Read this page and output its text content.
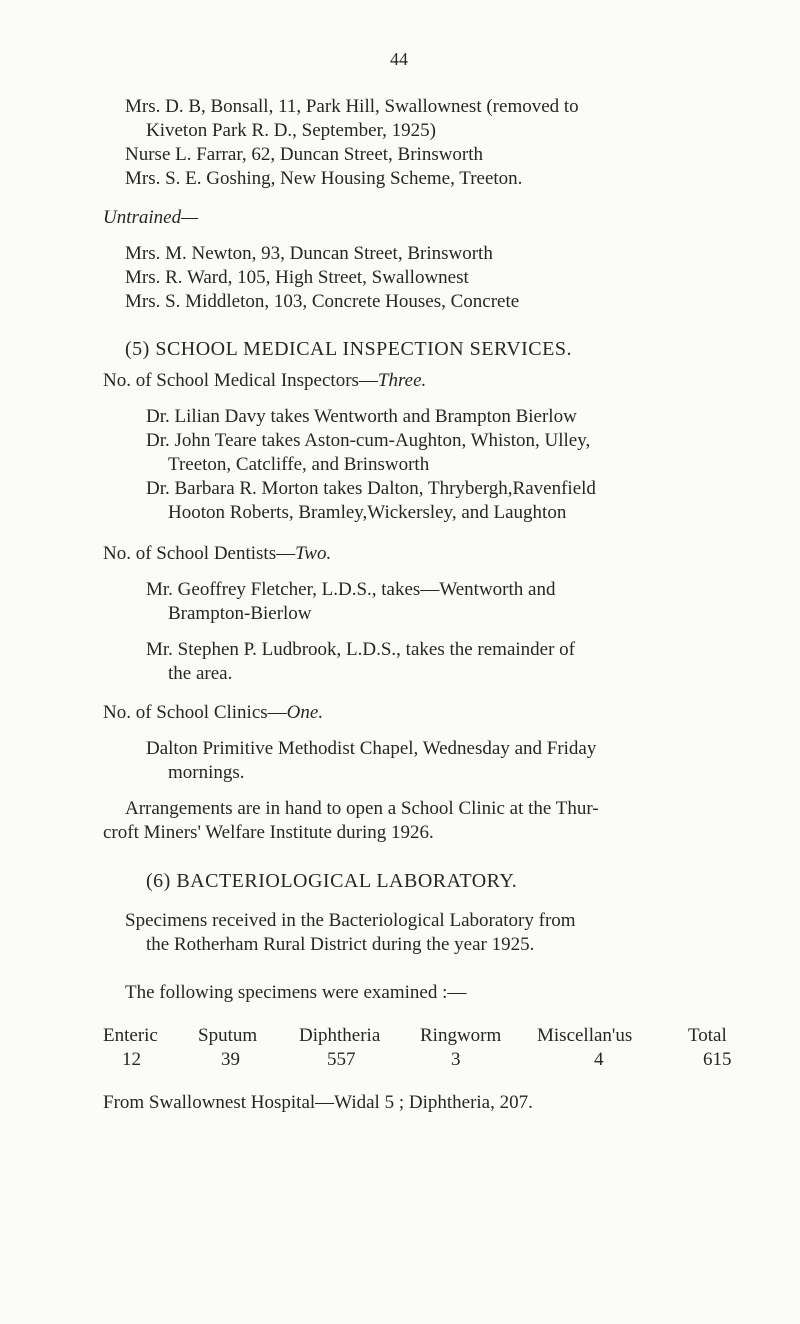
44
Mrs. D. B, Bonsall, 11, Park Hill, Swallownest (removed to
Kiveton Park R. D., September, 1925)
Nurse L. Farrar, 62, Duncan Street, Brinsworth
Mrs. S. E. Goshing, New Housing Scheme, Treeton.
Untrained—
Mrs. M. Newton, 93, Duncan Street, Brinsworth
Mrs. R. Ward, 105, High Street, Swallownest
Mrs. S. Middleton, 103, Concrete Houses, Concrete
(5) SCHOOL MEDICAL INSPECTION SERVICES.
No. of School Medical Inspectors—Three.
Dr. Lilian Davy takes Wentworth and Brampton Bierlow
Dr. John Teare takes Aston-cum-Aughton, Whiston, Ulley,
Treeton, Catcliffe, and Brinsworth
Dr. Barbara R. Morton takes Dalton, Thrybergh,Ravenfield
Hooton Roberts, Bramley,Wickersley, and Laughton
No. of School Dentists—Two.
Mr. Geoffrey Fletcher, L.D.S., takes—Wentworth and
Brampton-Bierlow
Mr. Stephen P. Ludbrook, L.D.S., takes the remainder of
the area.
No. of School Clinics—One.
Dalton Primitive Methodist Chapel, Wednesday and Friday
mornings.
Arrangements are in hand to open a School Clinic at the Thur-
croft Miners' Welfare Institute during 1926.
(6) BACTERIOLOGICAL LABORATORY.
Specimens received in the Bacteriological Laboratory from
the Rotherham Rural District during the year 1925.
The following specimens were examined :—
Enteric Sputum Diphtheria Ringworm Miscellan'us	Total
12	39	557	3	4	615
From Swallownest Hospital—Widal 5 ; Diphtheria, 207.
